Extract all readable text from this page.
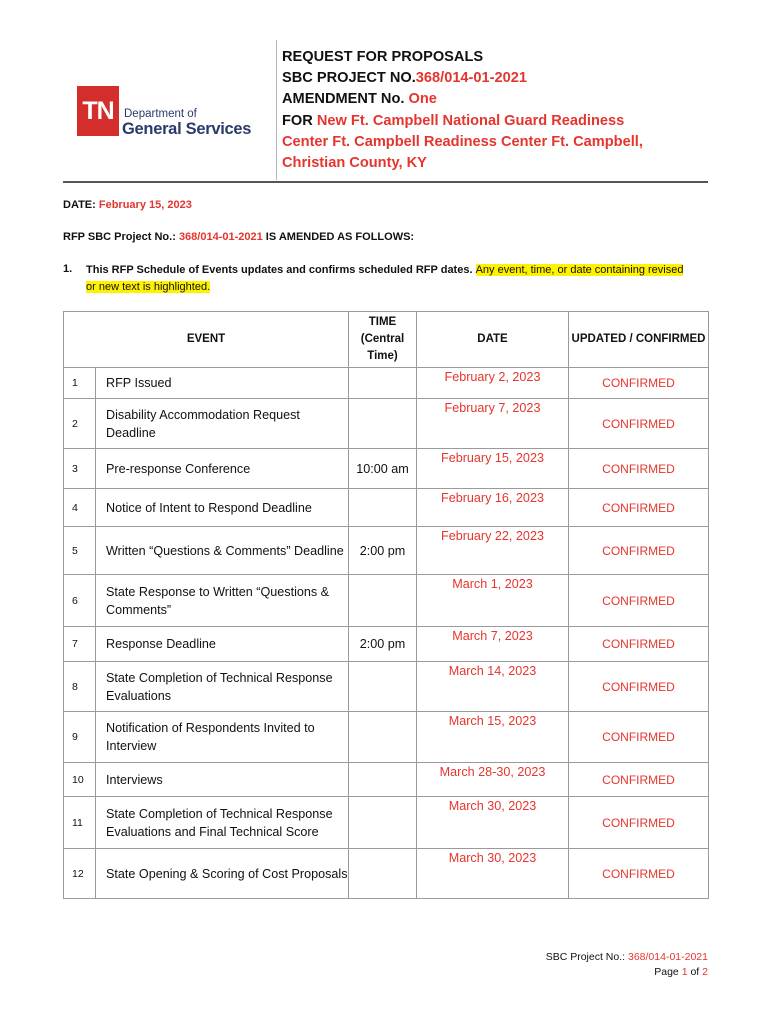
TN Department of
General Services
REQUEST FOR PROPOSALS
SBC PROJECT NO.368/014-01-2021
AMENDMENT No. One
FOR New Ft. Campbell National Guard Readiness
Center Ft. Campbell Readiness Center Ft. Campbell,
Christian County, KY
DATE: February 15, 2023
RFP SBC Project No.: 368/014-01-2021 IS AMENDED AS FOLLOWS:
1. This RFP Schedule of Events updates and confirms scheduled RFP dates. Any event, time, or date containing revised or new text is highlighted.
EVENT		TIME (Central Time)	DATE	UPDATED / CONFIRMED
1	RFP Issued		February 2, 2023	CONFIRMED
2	Disability Accommodation Request Deadline		February 7, 2023	CONFIRMED
3	Pre-response Conference	10:00 am	February 15, 2023	CONFIRMED
4	Notice of Intent to Respond Deadline		February 16, 2023	CONFIRMED
5	Written “Questions & Comments” Deadline	2:00 pm	February 22, 2023	CONFIRMED
6	State Response to Written “Questions & Comments”		March 1, 2023	CONFIRMED
7	Response Deadline	2:00 pm	March 7, 2023	CONFIRMED
8	State Completion of Technical Response Evaluations		March 14, 2023	CONFIRMED
9	Notification of Respondents Invited to Interview		March 15, 2023	CONFIRMED
10	Interviews		March 28-30, 2023	CONFIRMED
11	State Completion of Technical Response Evaluations and Final Technical Score		March 30, 2023	CONFIRMED
12	State Opening & Scoring of Cost Proposals		March 30, 2023	CONFIRMED
SBC Project No.: 368/014-01-2021
Page 1 of 2
